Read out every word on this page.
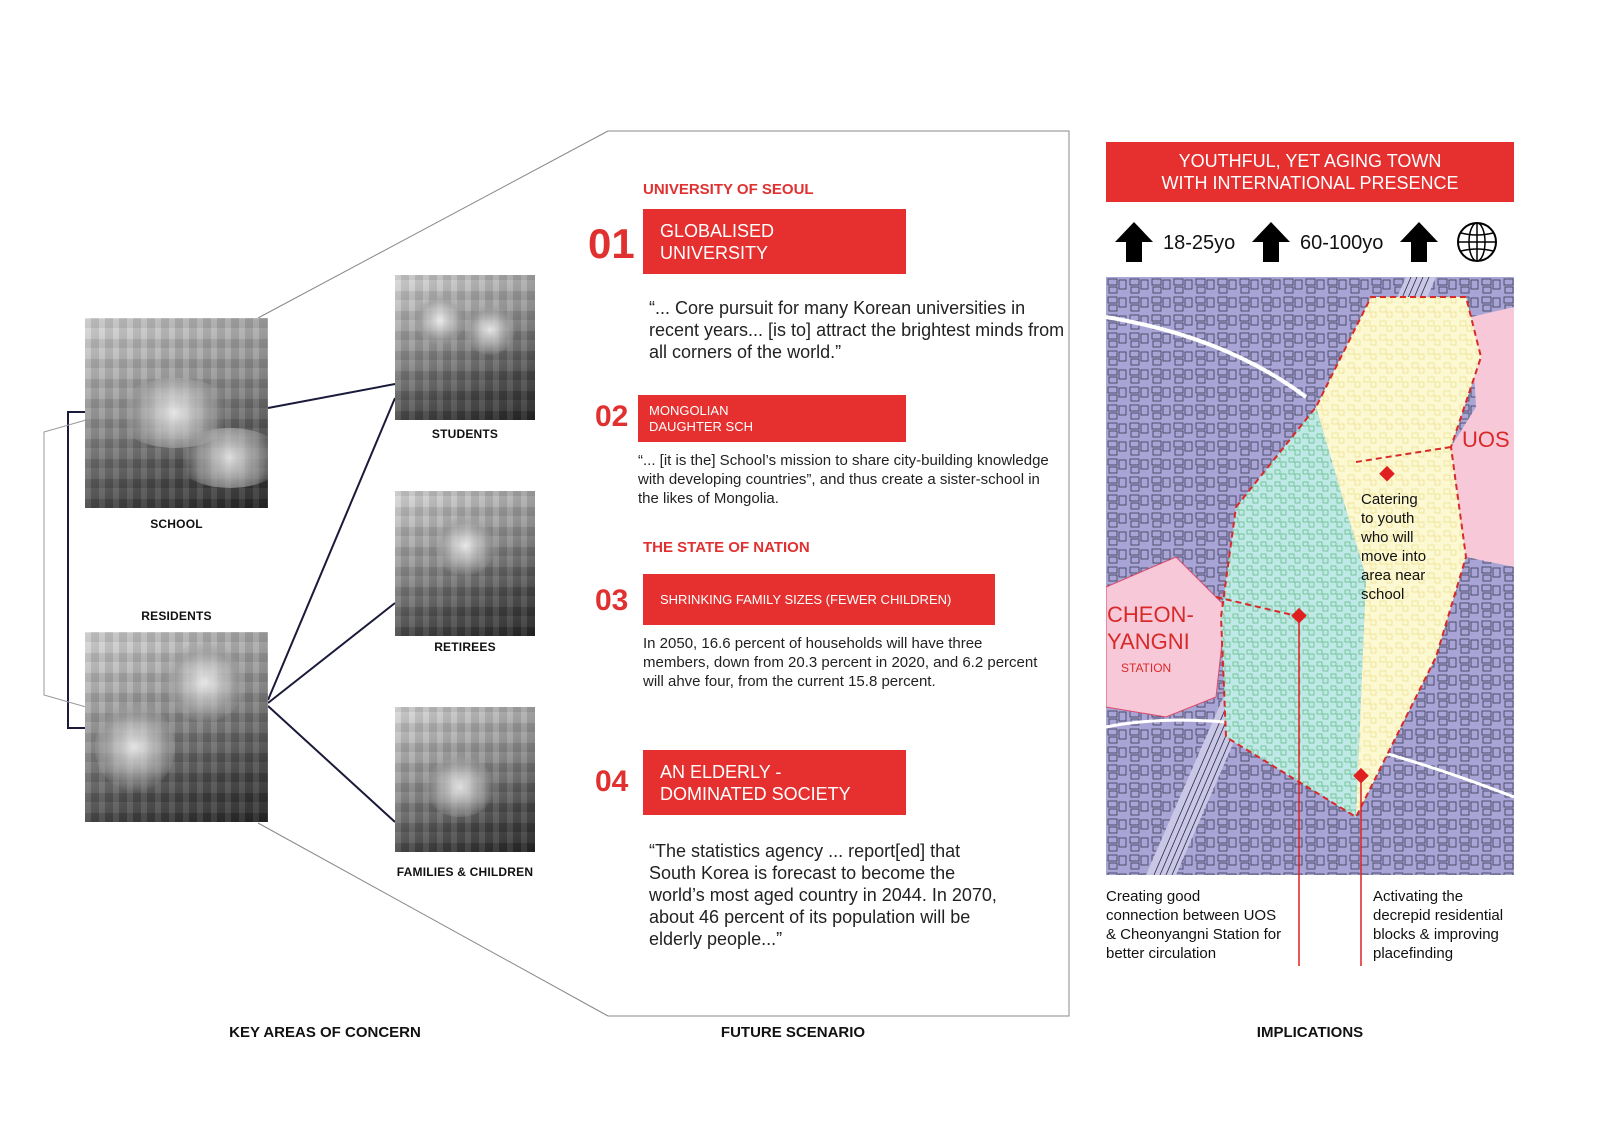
SCHOOL
RESIDENTS
STUDENTS
RETIREES
FAMILIES & CHILDREN
KEY AREAS OF CONCERN
UNIVERSITY OF SEOUL
01	GLOBALISED
UNIVERSITY
“... Core pursuit for many Korean universities in recent years... [is to] attract the brightest minds from all corners of the world.”
02	MONGOLIAN
DAUGHTER SCH
“... [it is the] School’s mission to share city-building knowledge with developing countries”, and thus create a sister-school in the likes of Mongolia.
THE STATE OF NATION
03	SHRINKING FAMILY SIZES (FEWER CHILDREN)
In 2050, 16.6 percent of households will have three members, down from 20.3 percent in 2020, and 6.2 percent will ahve four, from the current 15.8 percent.
04	AN ELDERLY -
DOMINATED SOCIETY
“The statistics agency ... report[ed] that South Korea is forecast to become the world’s most aged country in 2044. In 2070, about 46 percent of its population will be elderly people...”
FUTURE SCENARIO
YOUTHFUL, YET AGING TOWN
WITH INTERNATIONAL PRESENCE
18-25yo	60-100yo
UOS
CHEON-
YANGNI
STATION
Catering
to youth
who will
move into
area near
school
Creating good
connection between UOS
& Cheonyangni Station for
better circulation
Activating the
decrepid residential
blocks & improving
placefinding
IMPLICATIONS
